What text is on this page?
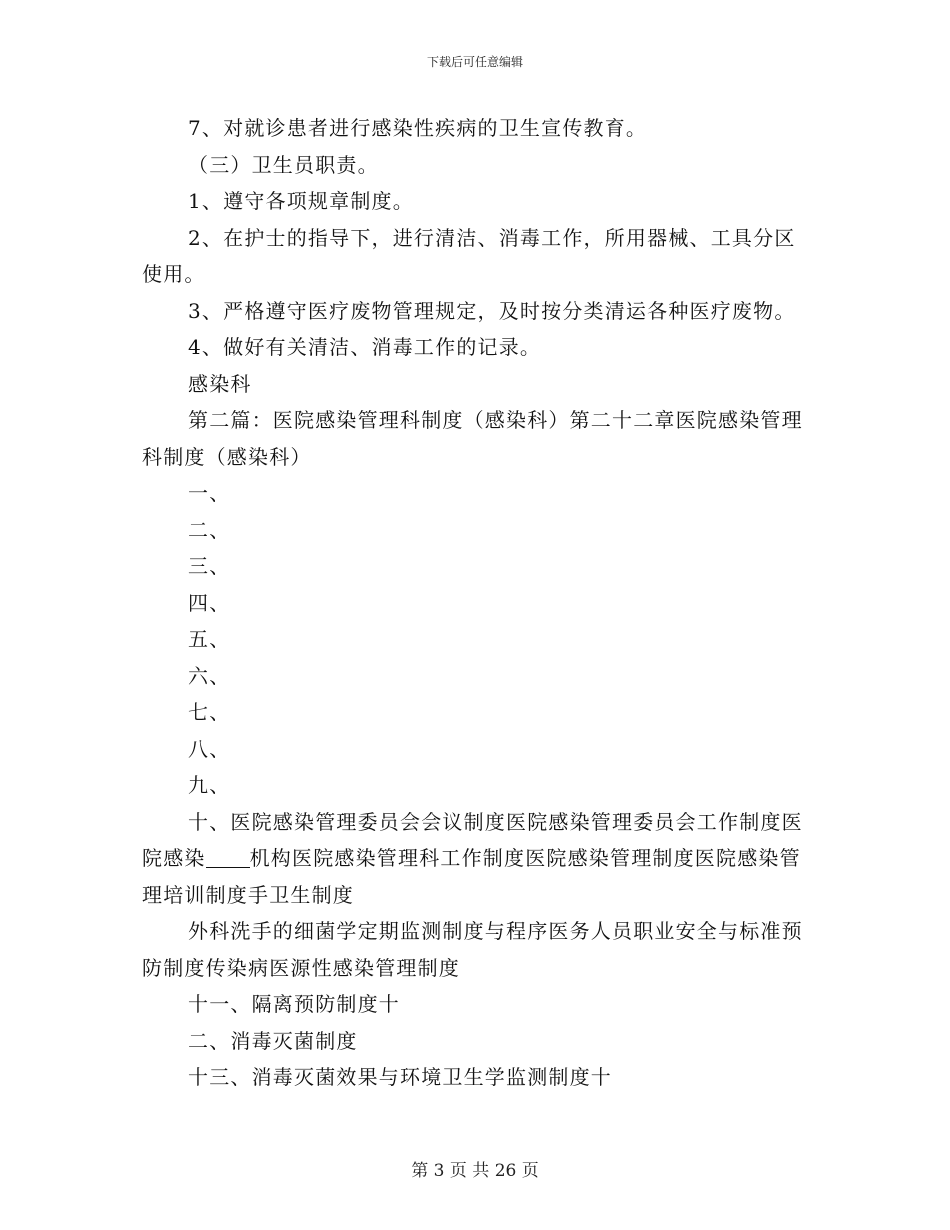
下载后可任意编辑

7、对就诊患者进行感染性疾病的卫生宣传教育。

（三）卫生员职责。

1、遵守各项规章制度。

2、在护士的指导下，进行清洁、消毒工作，所用器械、工具分区使用。

3、严格遵守医疗废物管理规定，及时按分类清运各种医疗废物。

4、做好有关清洁、消毒工作的记录。

感染科

第二篇：医院感染管理科制度（感染科）第二十二章医院感染管理科制度（感染科）

一、

二、

三、

四、

五、

六、

七、

八、

九、

十、医院感染管理委员会会议制度医院感染管理委员会工作制度医院感染 机构医院感染管理科工作制度医院感染管理制度医院感染管理培训制度手卫生制度

外科洗手的细菌学定期监测制度与程序医务人员职业安全与标准预防制度传染病医源性感染管理制度

十一、隔离预防制度十

二、消毒灭菌制度

十三、消毒灭菌效果与环境卫生学监测制度十

第 3 页 共 26 页
